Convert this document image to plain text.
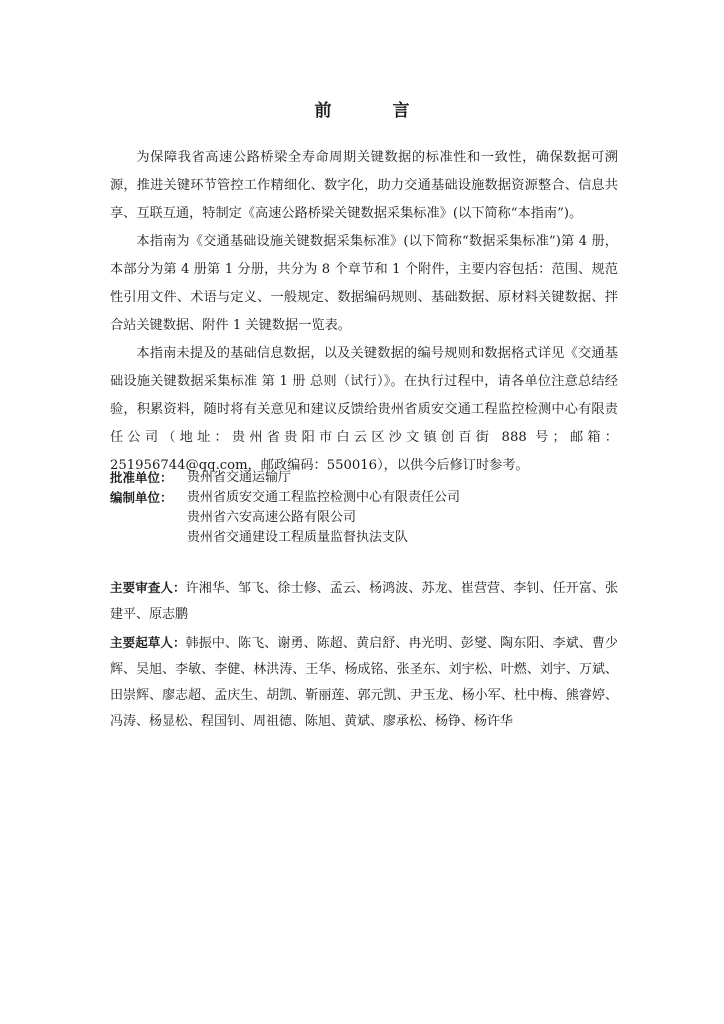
前　言

为保障我省高速公路桥梁全寿命周期关键数据的标准性和一致性，确保数据可溯源，推进关键环节管控工作精细化、数字化，助力交通基础设施数据资源整合、信息共享、互联互通，特制定《高速公路桥梁关键数据采集标准》(以下简称“本指南”)。

本指南为《交通基础设施关键数据采集标准》(以下简称“数据采集标准”)第 4 册，本部分为第 4 册第 1 分册，共分为 8 个章节和 1 个附件，主要内容包括：范围、规范性引用文件、术语与定义、一般规定、数据编码规则、基础数据、原材料关键数据、拌合站关键数据、附件 1 关键数据一览表。

本指南未提及的基础信息数据，以及关键数据的编号规则和数据格式详见《交通基础设施关键数据采集标准 第 1 册 总则（试行）》。在执行过程中，请各单位注意总结经验，积累资料，随时将有关意见和建议反馈给贵州省质安交通工程监控检测中心有限责任公司（地址：贵州省贵阳市白云区沙文镇创百街 888 号；邮箱：251956744@qq.com，邮政编码：550016），以供今后修订时参考。

批准单位：	贵州省交通运输厅
编制单位：	贵州省质安交通工程监控检测中心有限责任公司
贵州省六安高速公路有限公司
贵州省交通建设工程质量监督执法支队

主要审查人：许湘华、邹飞、徐士修、孟云、杨鸿波、苏龙、崔营营、李钊、任开富、张建平、原志鹏

主要起草人：韩振中、陈飞、谢勇、陈超、黄启舒、冉光明、彭燮、陶东阳、李斌、曹少辉、吴旭、李敏、李健、林洪涛、王华、杨成铭、张圣东、刘宇松、叶燃、刘宇、万斌、田崇辉、廖志超、孟庆生、胡凯、靳丽莲、郭元凯、尹玉龙、杨小军、杜中梅、熊睿婷、冯涛、杨显松、程国钊、周祖德、陈旭、黄斌、廖承松、杨铮、杨许华
